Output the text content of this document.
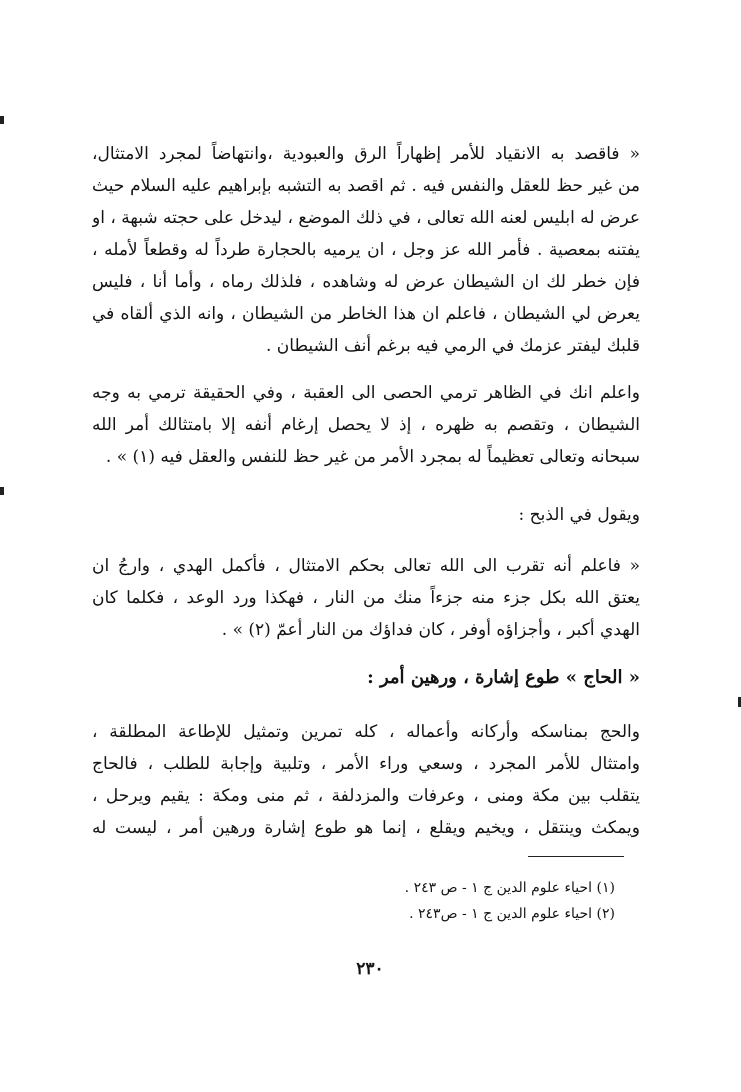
« فاقصد به الانقياد للأمر إظهاراً الرق والعبودية ،وانتهاضاً لمجرد الامتثال،
من غير حظ للعقل والنفس فيه . ثم اقصد به التشبه بإبراهيم عليه السلام حيث
عرض له ابليس لعنه الله تعالى ، في ذلك الموضع ، ليدخل على حجته شبهة ، او
يفتنه بمعصية . فأمر الله عز وجل ، ان يرميه بالحجارة طرداً له وقطعاً لأمله ،
فإن خطر لك ان الشيطان عرض له وشاهده ، فلذلك رماه ، وأما أنا ، فليس
يعرض لي الشيطان ، فاعلم ان هذا الخاطر من الشيطان ، وانه الذي ألقاه في
قلبك ليفتر عزمك في الرمي فيه برغم أنف الشيطان .
واعلم انك في الظاهر ترمي الحصى الى العقبة ، وفي الحقيقة ترمي به وجه
الشيطان ، وتقصم به ظهره ، إذ لا يحصل إرغام أنفه إلا بامتثالك أمر الله
سبحانه وتعالى تعظيماً له بمجرد الأمر من غير حظ للنفس والعقل فيه (١) » .
ويقول في الذبح :
« فاعلم أنه تقرب الى الله تعالى بحكم الامتثال ، فأكمل الهدي ، وارجُ ان
يعتق الله بكل جزء منه جزءاً منك من النار ، فهكذا ورد الوعد ، فكلما كان
الهدي أكبر ، وأجزاؤه أوفر ، كان فداؤك من النار أعمّ (٢) » .
« الحاج » طوع إشارة ، ورهين أمر :
والحج بمناسكه وأركانه وأعماله ، كله تمرين وتمثيل للإطاعة المطلقة ،
وامتثال للأمر المجرد ، وسعي وراء الأمر ، وتلبية وإجابة للطلب ، فالحاج
يتقلب بين مكة ومنى ، وعرفات والمزدلفة ، ثم منى ومكة : يقيم ويرحل ،
ويمكث وينتقل ، ويخيم ويقلع ، إنما هو طوع إشارة ورهين أمر ، ليست له
(١) احياء علوم الدين ج ١ - ص ٢٤٣ .
(٢) احياء علوم الدين ج ١ - ص٢٤٣ .
٢٣٠
